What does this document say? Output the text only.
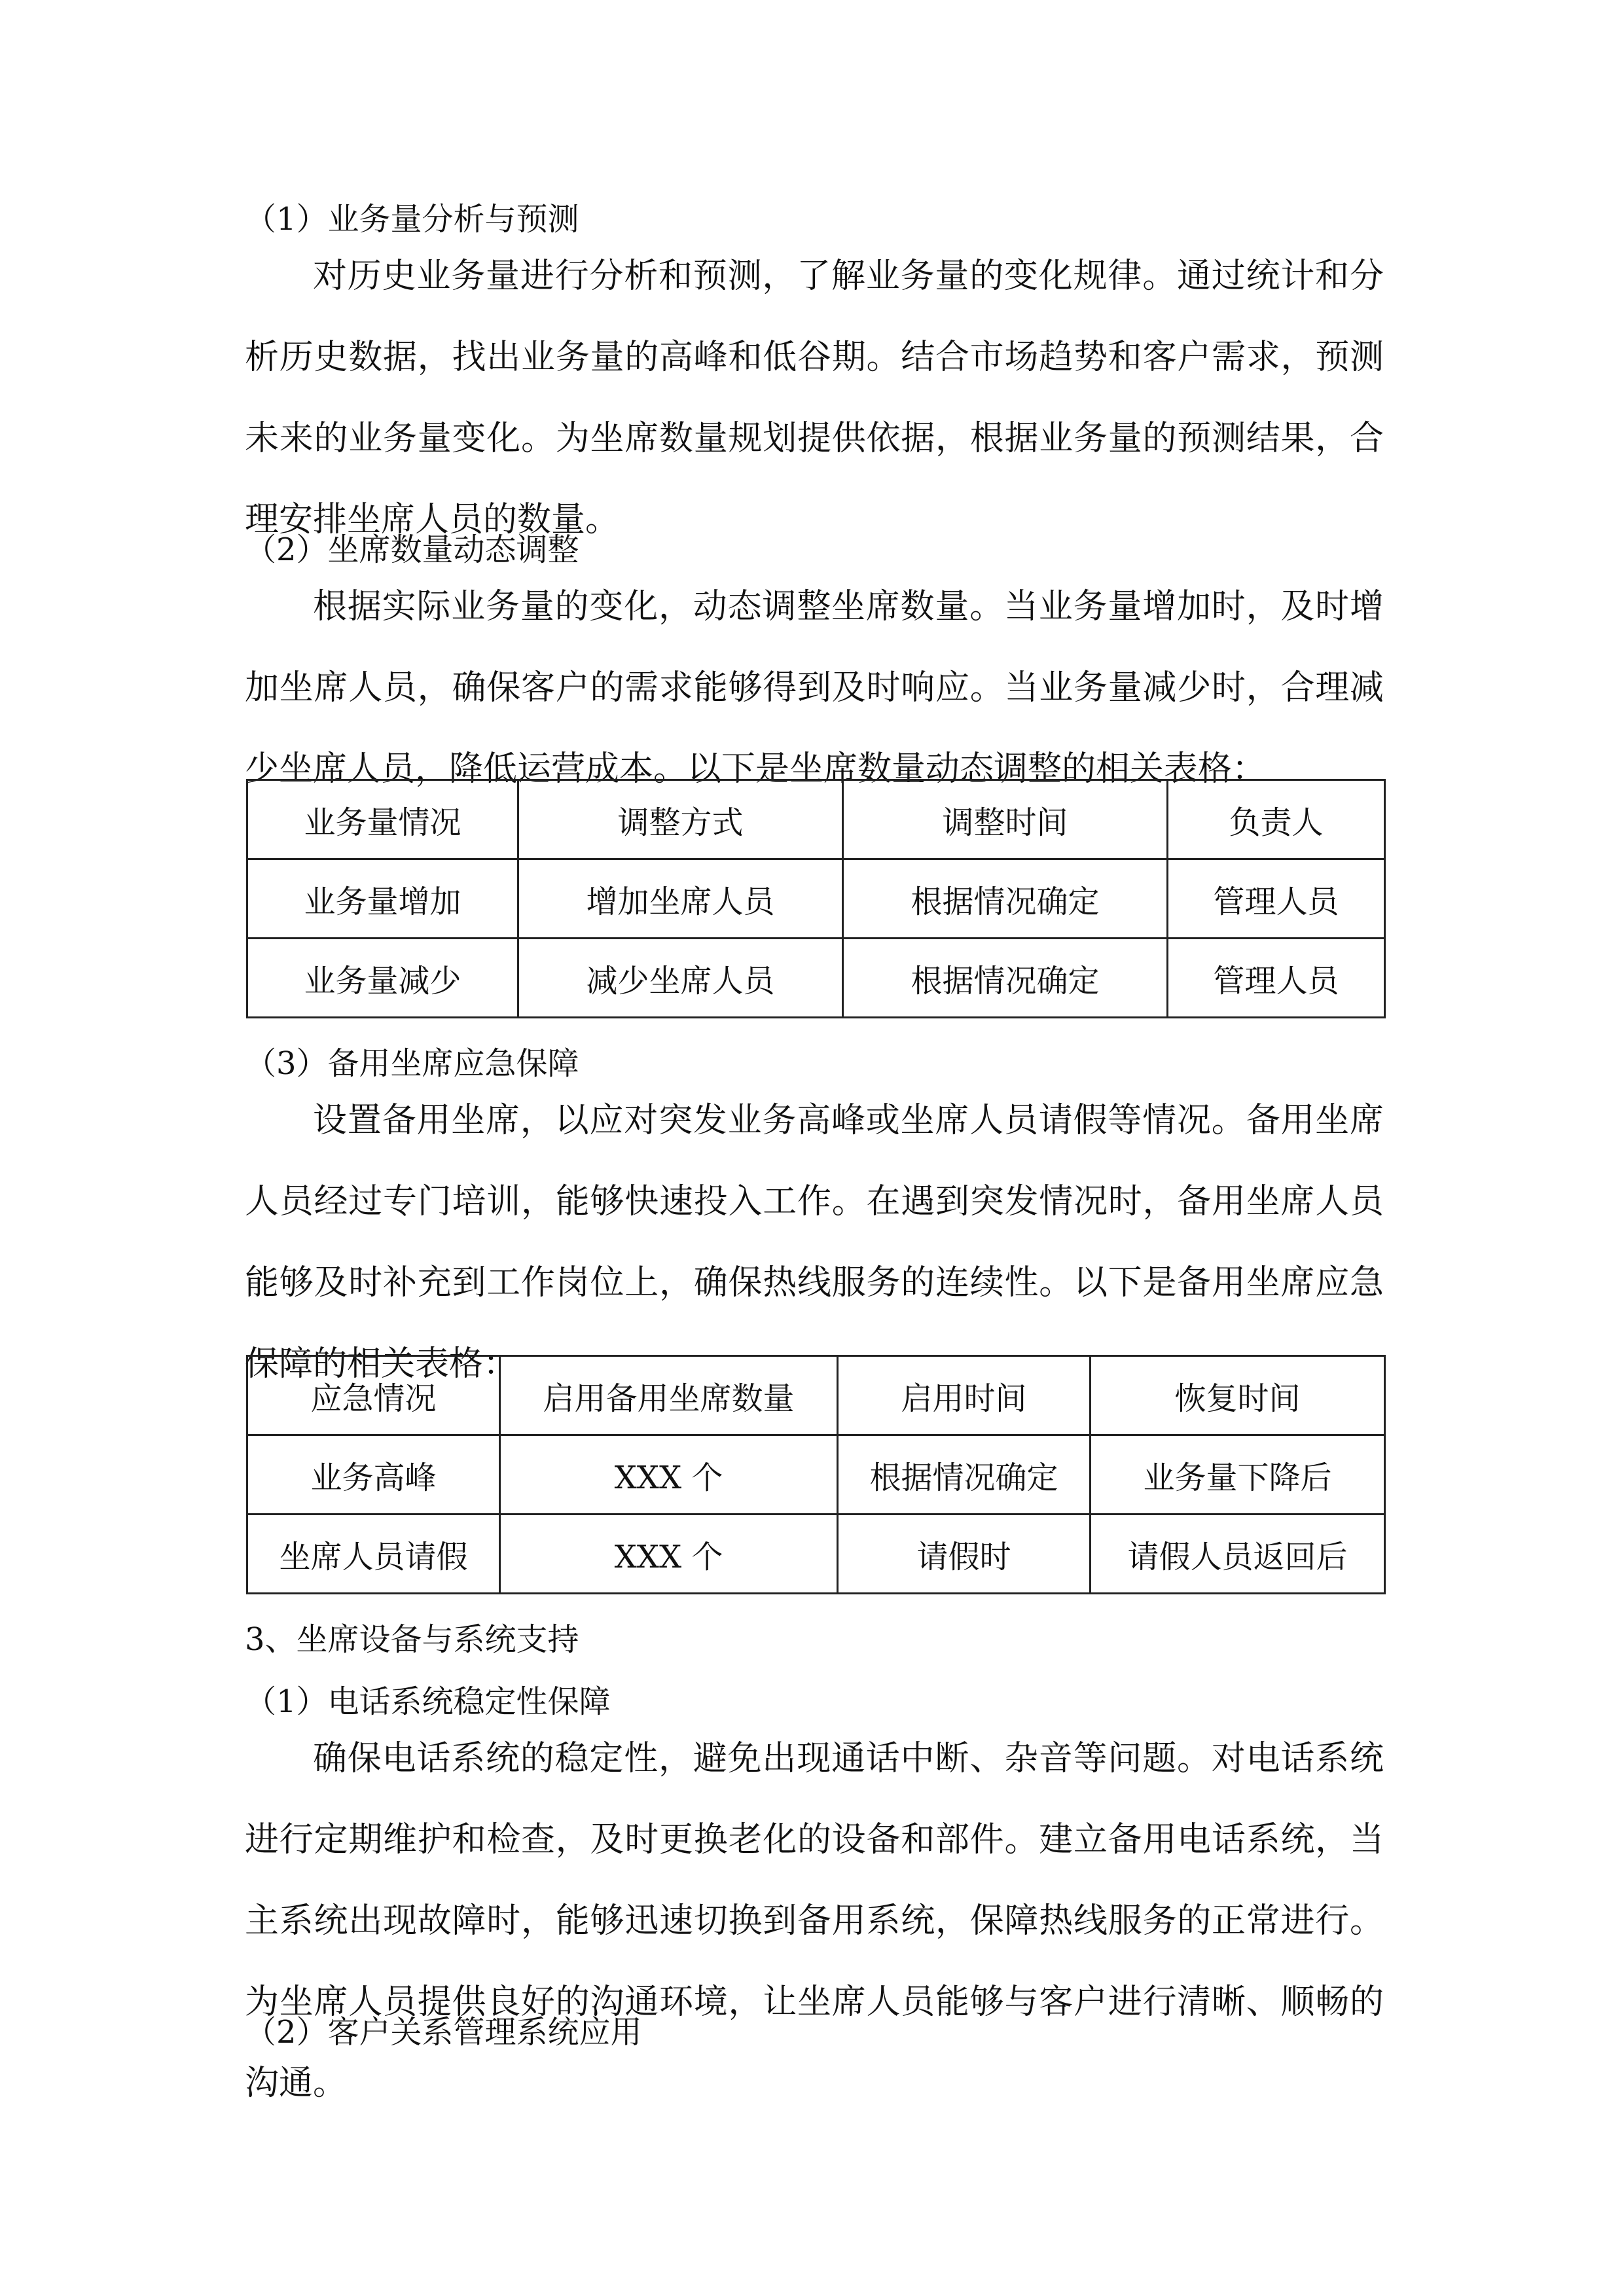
（1）业务量分析与预测
对历史业务量进行分析和预测，了解业务量的变化规律。通过统计和分析历史数据，找出业务量的高峰和低谷期。结合市场趋势和客户需求，预测未来的业务量变化。为坐席数量规划提供依据，根据业务量的预测结果，合理安排坐席人员的数量。
（2）坐席数量动态调整
根据实际业务量的变化，动态调整坐席数量。当业务量增加时，及时增加坐席人员，确保客户的需求能够得到及时响应。当业务量减少时，合理减少坐席人员，降低运营成本。以下是坐席数量动态调整的相关表格：
业务量情况	调整方式	调整时间	负责人
业务量增加	增加坐席人员	根据情况确定	管理人员
业务量减少	减少坐席人员	根据情况确定	管理人员
（3）备用坐席应急保障
设置备用坐席，以应对突发业务高峰或坐席人员请假等情况。备用坐席人员经过专门培训，能够快速投入工作。在遇到突发情况时，备用坐席人员能够及时补充到工作岗位上，确保热线服务的连续性。以下是备用坐席应急保障的相关表格：
应急情况	启用备用坐席数量	启用时间	恢复时间
业务高峰	XXX 个	根据情况确定	业务量下降后
坐席人员请假	XXX 个	请假时	请假人员返回后
3、坐席设备与系统支持
（1）电话系统稳定性保障
确保电话系统的稳定性，避免出现通话中断、杂音等问题。对电话系统进行定期维护和检查，及时更换老化的设备和部件。建立备用电话系统，当主系统出现故障时，能够迅速切换到备用系统，保障热线服务的正常进行。为坐席人员提供良好的沟通环境，让坐席人员能够与客户进行清晰、顺畅的沟通。
（2）客户关系管理系统应用
